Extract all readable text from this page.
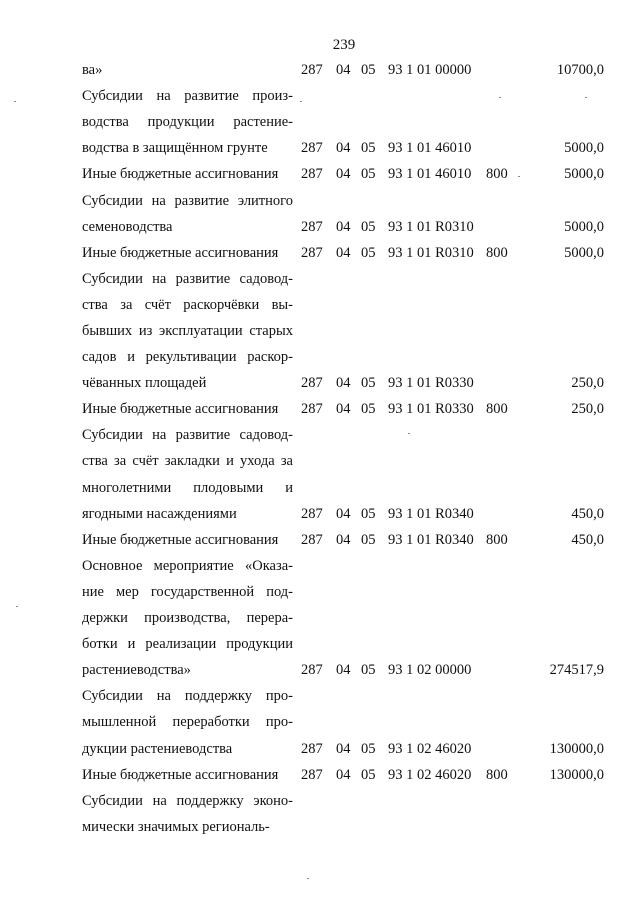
239
ва»	287 04 05 93 1 01 00000	10700,0
Субсидии на развитие произ-
водства продукции растение-
водства в защищённом грунте	287 04 05 93 1 01 46010	5000,0
Иные бюджетные ассигнования	287 04 05 93 1 01 46010 800	5000,0
Субсидии на развитие элитного
семеноводства	287 04 05 93 1 01 R0310	5000,0
Иные бюджетные ассигнования	287 04 05 93 1 01 R0310 800	5000,0
Субсидии на развитие садовод-
ства за счёт раскорчёвки вы-
бывших из эксплуатации старых
садов и рекультивации раскор-
чёванных площадей	287 04 05 93 1 01 R0330	250,0
Иные бюджетные ассигнования	287 04 05 93 1 01 R0330 800	250,0
Субсидии на развитие садовод-
ства за счёт закладки и ухода за
многолетними плодовыми и
ягодными насаждениями	287 04 05 93 1 01 R0340	450,0
Иные бюджетные ассигнования	287 04 05 93 1 01 R0340 800	450,0
Основное мероприятие «Оказа-
ние мер государственной под-
держки производства, перера-
ботки и реализации продукции
растениеводства»	287 04 05 93 1 02 00000	274517,9
Субсидии на поддержку про-
мышленной переработки про-
дукции растениеводства	287 04 05 93 1 02 46020	130000,0
Иные бюджетные ассигнования	287 04 05 93 1 02 46020 800	130000,0
Субсидии на поддержку эконо-
мически значимых региональ-
